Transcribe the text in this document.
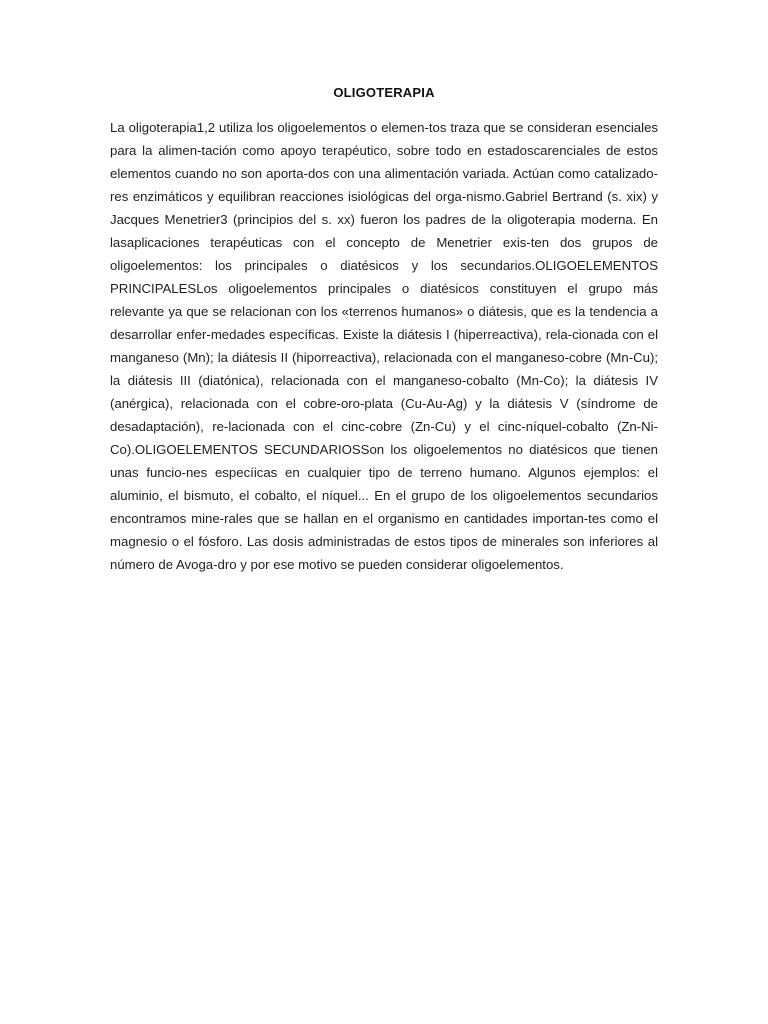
OLIGOTERAPIA

La oligoterapia1,2 utiliza los oligoelementos o elemen-tos traza que se consideran esenciales para la alimen-tación como apoyo terapéutico, sobre todo en estadoscarenciales de estos elementos cuando no son aporta-dos con una alimentación variada. Actúan como catalizado-res enzimáticos y equilibran reacciones isiológicas del orga-nismo.Gabriel Bertrand (s. xix) y Jacques Menetrier3 (principios del s. xx) fueron los padres de la oligoterapia moderna. En lasaplicaciones terapéuticas con el concepto de Menetrier exis-ten dos grupos de oligoelementos: los principales o diatésicos y los secundarios.OLIGOELEMENTOS PRINCIPALESLos oligoelementos principales o diatésicos constituyen el grupo más relevante ya que se relacionan con los «terrenos humanos» o diátesis, que es la tendencia a desarrollar enfer-medades específicas. Existe la diátesis I (hiperreactiva), rela-cionada con el manganeso (Mn); la diátesis II (hiporreactiva), relacionada con el manganeso-cobre (Mn-Cu); la diátesis III (diatónica), relacionada con el manganeso-cobalto (Mn-Co); la diátesis IV (anérgica), relacionada con el cobre-oro-plata (Cu-Au-Ag) y la diátesis V (síndrome de desadaptación), re-lacionada con el cinc-cobre (Zn-Cu) y el cinc-níquel-cobalto (Zn-Ni-Co).OLIGOELEMENTOS SECUNDARIOSSon los oligoelementos no diatésicos que tienen unas funcio-nes especíicas en cualquier tipo de terreno humano. Algunos ejemplos: el aluminio, el bismuto, el cobalto, el níquel... En el grupo de los oligoelementos secundarios encontramos mine-rales que se hallan en el organismo en cantidades importan-tes como el magnesio o el fósforo. Las dosis administradas de estos tipos de minerales son inferiores al número de Avoga-dro y por ese motivo se pueden considerar oligoelementos.
